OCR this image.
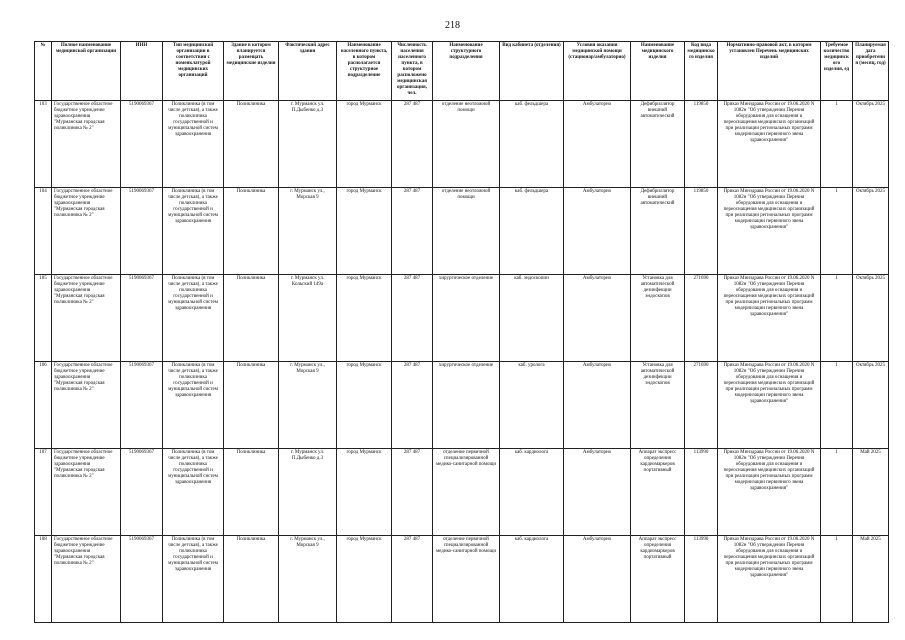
218
№	Полное наименование медицинской организации	ИНН	Тип медицинской организации в соответствии с номенклатурой медицинских организаций	Здание в котором планируется размещать медицинские изделия	Фактический адрес здания	Наименование населенного пункта, в котором располагается структурное подразделение	Численность населения населенного пункта, в котором расположено медицинская организация, чел.	Наименование структурного подразделения	Вид кабинета (отделения)	Условия оказания медицинской помощи (стационар/амбулаторно)	Наименование медицинского изделия	Код вида медицинского изделия	Нормативно-правовой акт, в котором установлен Перечень медицинских изделий	Требуемое количество медицинского изделия, ед	Планируемая дата приобретения (месяц, год)
103	Государственное областное бюджетное учреждение здравоохранения "Мурманская городская поликлиника № 2"	5190069367	Поликлиника (в том числе детская), а также поликлиника государственной и муниципальной систем здравоохранения	Поликлиника	г. Мурманск ул. П.Дыбенко д.3	город Мурманск	287 487	отделение неотложной помощи	каб. фельдшера	Амбулаторно	Дефибриллятор внешний автоматический	119850	Приказ Минздрава России от 19.06.2020 N 1082н "Об утверждении Перечня оборудования для оснащения и переоснащения медицинских организаций при реализации региональных программ модернизации первичного звена здравоохранения"	1	Октябрь 2025
104	Государственное областное бюджетное учреждение здравоохранения "Мурманская городская поликлиника № 2"	5190069367	Поликлиника (в том числе детская), а также поликлиника государственной и муниципальной систем здравоохранения	Поликлиника	г. Мурманск ул., Морская 9	город Мурманск	287 487	отделение неотложной помощи	каб. фельдшера	Амбулаторно	Дефибриллятор внешний автоматический	119850	Приказ Минздрава России от 19.06.2020 N 1082н "Об утверждении Перечня оборудования для оснащения и переоснащения медицинских организаций при реализации региональных программ модернизации первичного звена здравоохранения"	1	Октябрь 2025
105	Государственное областное бюджетное учреждение здравоохранения "Мурманская городская поликлиника № 2"	5190069367	Поликлиника (в том числе детская), а также поликлиника государственной и муниципальной систем здравоохранения	Поликлиника	г. Мурманск ул. Кольский 149а	город Мурманск	287 487	хирургическое отделение	каб. эндоскопии	Амбулаторно	Установка для автоматической дезинфекции эндоскопов	271690	Приказ Минздрава России от 19.06.2020 N 1082н "Об утверждении Перечня оборудования для оснащения и переоснащения медицинских организаций при реализации региональных программ модернизации первичного звена здравоохранения"	1	Октябрь 2025
106	Государственное областное бюджетное учреждение здравоохранения "Мурманская городская поликлиника № 2"	5190069367	Поликлиника (в том числе детская), а также поликлиника государственной и муниципальной систем здравоохранения	Поликлиника	г. Мурманск ул., Морская 9	город Мурманск	287 487	хирургическое отделение	каб. уролога	Амбулаторно	Установка для автоматической дезинфекции эндоскопов	271690	Приказ Минздрава России от 19.06.2020 N 1082н "Об утверждении Перечня оборудования для оснащения и переоснащения медицинских организаций при реализации региональных программ модернизации первичного звена здравоохранения"	1	Октябрь 2025
107	Государственное областное бюджетное учреждение здравоохранения "Мурманская городская поликлиника № 2"	5190069367	Поликлиника (в том числе детская), а также поликлиника государственной и муниципальной систем здравоохранения	Поликлиника	г. Мурманск ул. П.Дыбенко д.3	город Мурманск	287 487	отделение первичной специализированной медико-санитарной помощи	каб. кардиолога	Амбулаторно	Аппарат экспресс определения кардиомаркеров портативный	113990	Приказ Минздрава России от 19.06.2020 N 1082н "Об утверждении Перечня оборудования для оснащения и переоснащения медицинских организаций при реализации региональных программ модернизации первичного звена здравоохранения"	1	Май 2025
108	Государственное областное бюджетное учреждение здравоохранения "Мурманская городская поликлиника № 2"	5190069367	Поликлиника (в том числе детская), а также поликлиника государственной и муниципальной систем здравоохранения	Поликлиника	г. Мурманск ул., Морская 9	город Мурманск	287 487	отделение первичной специализированной медико-санитарной помощи	каб. кардиолога	Амбулаторно	Аппарат экспресс определения кардиомаркеров портативный	113990	Приказ Минздрава России от 19.06.2020 N 1082н "Об утверждении Перечня оборудования для оснащения и переоснащения медицинских организаций при реализации региональных программ модернизации первичного звена здравоохранения"	1	Май 2025
